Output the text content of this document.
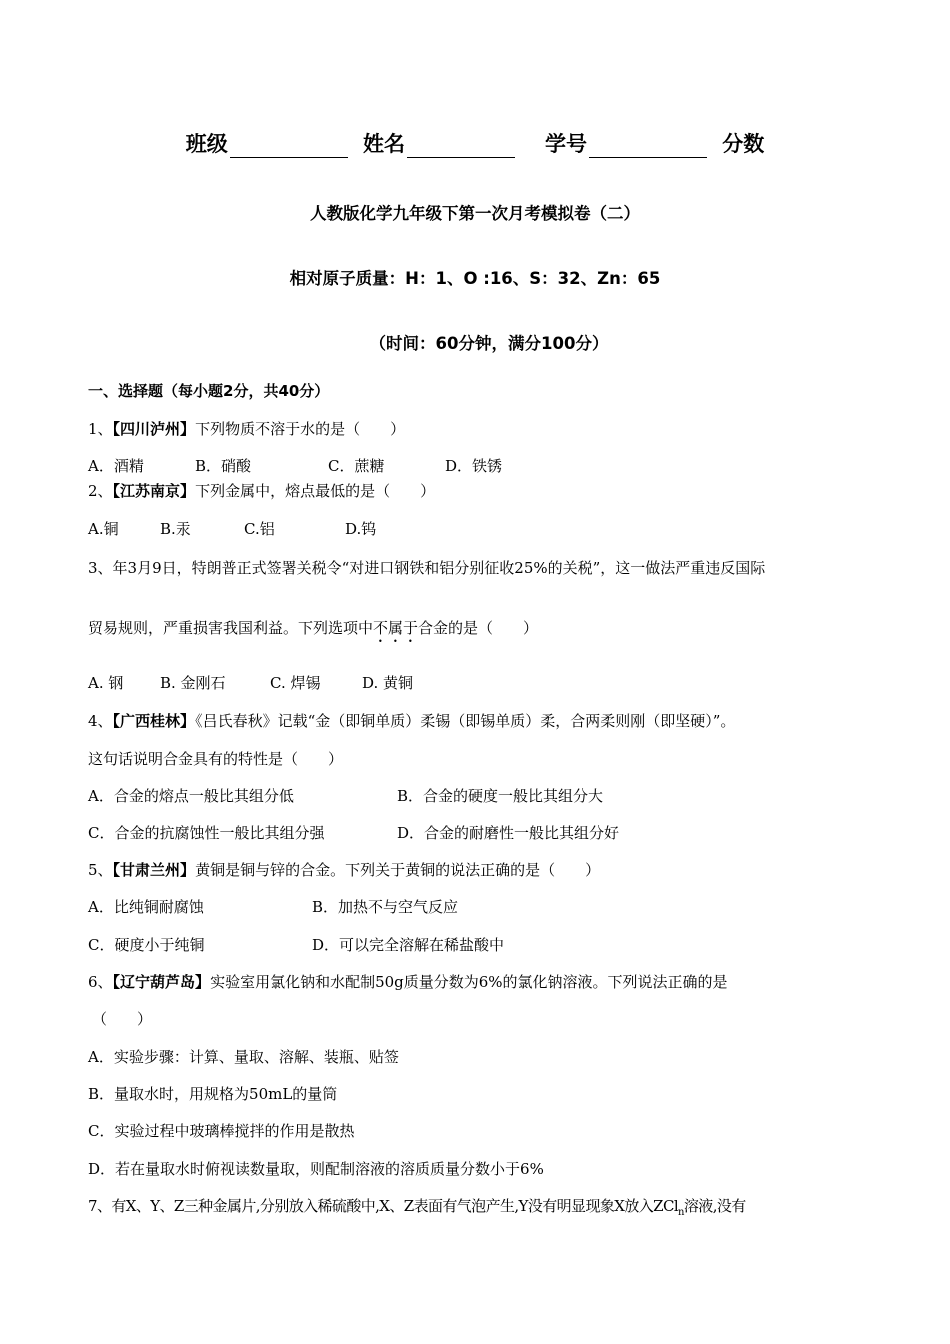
班级	姓名	学号	分数
人教版化学九年级下第一次月考模拟卷（二）
相对原子质量：H：1、O :16、S：32、Zn：65
（时间：60分钟，满分100分）
一、选择题（每小题2分，共40分）
1、【四川泸州】下列物质不溶于水的是（　　）
A．酒精	B．硝酸	C．蔗糖	D．铁锈
2、【江苏南京】下列金属中，熔点最低的是（　　）
A.铜	B.汞	C.铝	D.钨
3、年3月9日，特朗普正式签署关税令“对进口钢铁和铝分别征收25%的关税”，这一做法严重违反国际
贸易规则，严重损害我国利益。下列选项中不属于合金的是（　　）
A. 钢 B. 金刚石	C. 焊锡	D. 黄铜
4、【广西桂林】《吕氏春秋》记载“金（即铜单质）柔锡（即锡单质）柔，合两柔则刚（即坚硬）”。
这句话说明合金具有的特性是（　　）
A．合金的熔点一般比其组分低	B．合金的硬度一般比其组分大
C．合金的抗腐蚀性一般比其组分强	D．合金的耐磨性一般比其组分好
5、【甘肃兰州】黄铜是铜与锌的合金。下列关于黄铜的说法正确的是（　　）
A．比纯铜耐腐蚀	B．加热不与空气反应
C．硬度小于纯铜	D．可以完全溶解在稀盐酸中
6、【辽宁葫芦岛】实验室用氯化钠和水配制50g质量分数为6%的氯化钠溶液。下列说法正确的是
（　　）
A．实验步骤：计算、量取、溶解、装瓶、贴签
B．量取水时，用规格为50mL的量筒
C．实验过程中玻璃棒搅拌的作用是散热
D．若在量取水时俯视读数量取，则配制溶液的溶质质量分数小于6%
7、有X、Y、Z三种金属片,分别放入稀硫酸中,X、Z表面有气泡产生,Y没有明显现象X放入ZCl$_n$溶液,没有
